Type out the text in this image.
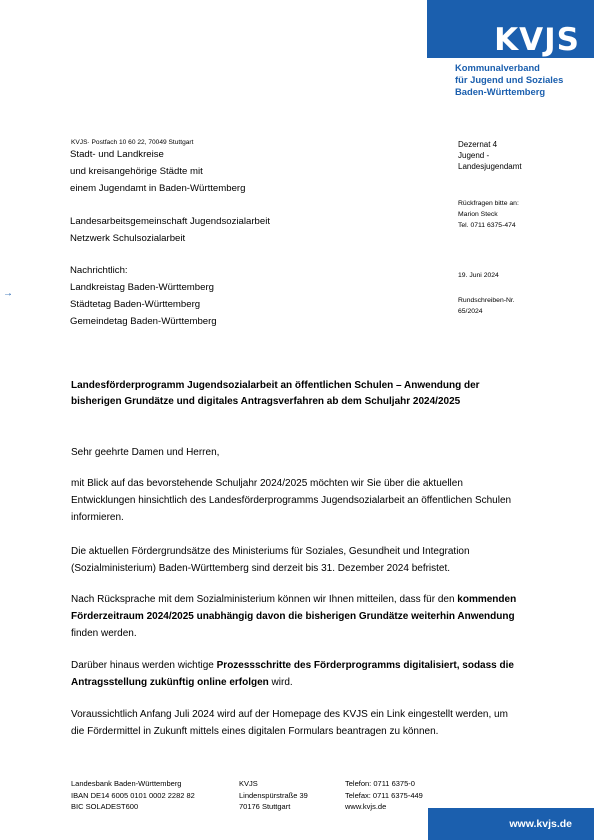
KVJS
Kommunalverband
für Jugend und Soziales
Baden-Württemberg
KVJS· Postfach 10 60 22, 70049 Stuttgart
Stadt- und Landkreise
und kreisangehörige Städte mit
einem Jugendamt in Baden-Württemberg
Landesarbeitsgemeinschaft Jugendsozialarbeit
Netzwerk Schulsozialarbeit
Nachrichtlich:
Landkreistag Baden-Württemberg
Städtetag Baden-Württemberg
Gemeindetag Baden-Württemberg
→
Dezernat 4
Jugend -
Landesjugendamt
Rückfragen bitte an:
Marion Steck
Tel. 0711 6375-474
19. Juni 2024
Rundschreiben-Nr.
65/2024
Landesförderprogramm Jugendsozialarbeit an öffentlichen Schulen – Anwendung der bisherigen Grundätze und digitales Antragsverfahren ab dem Schuljahr 2024/2025
Sehr geehrte Damen und Herren,
mit Blick auf das bevorstehende Schuljahr 2024/2025 möchten wir Sie über die aktuellen Entwicklungen hinsichtlich des Landesförderprogramms Jugendsozialarbeit an öffentlichen Schulen informieren.
Die aktuellen Fördergrundsätze des Ministeriums für Soziales, Gesundheit und Integration (Sozialministerium) Baden-Württemberg sind derzeit bis 31. Dezember 2024 befristet.
Nach Rücksprache mit dem Sozialministerium können wir Ihnen mitteilen, dass für den kommenden Förderzeitraum 2024/2025 unabhängig davon die bisherigen Grundätze weiterhin Anwendung finden werden.
Darüber hinaus werden wichtige Prozessschritte des Förderprogramms digitalisiert, sodass die Antragsstellung zukünftig online erfolgen wird.
Voraussichtlich Anfang Juli 2024 wird auf der Homepage des KVJS ein Link eingestellt werden, um die Fördermittel in Zukunft mittels eines digitalen Formulars beantragen zu können.
Landesbank Baden-Württemberg
IBAN DE14 6005 0101 0002 2282 82
BIC SOLADEST600
KVJS
Lindenspürstraße 39
70176 Stuttgart
Telefon: 0711 6375-0
Telefax: 0711 6375-449
www.kvjs.de
www.kvjs.de
